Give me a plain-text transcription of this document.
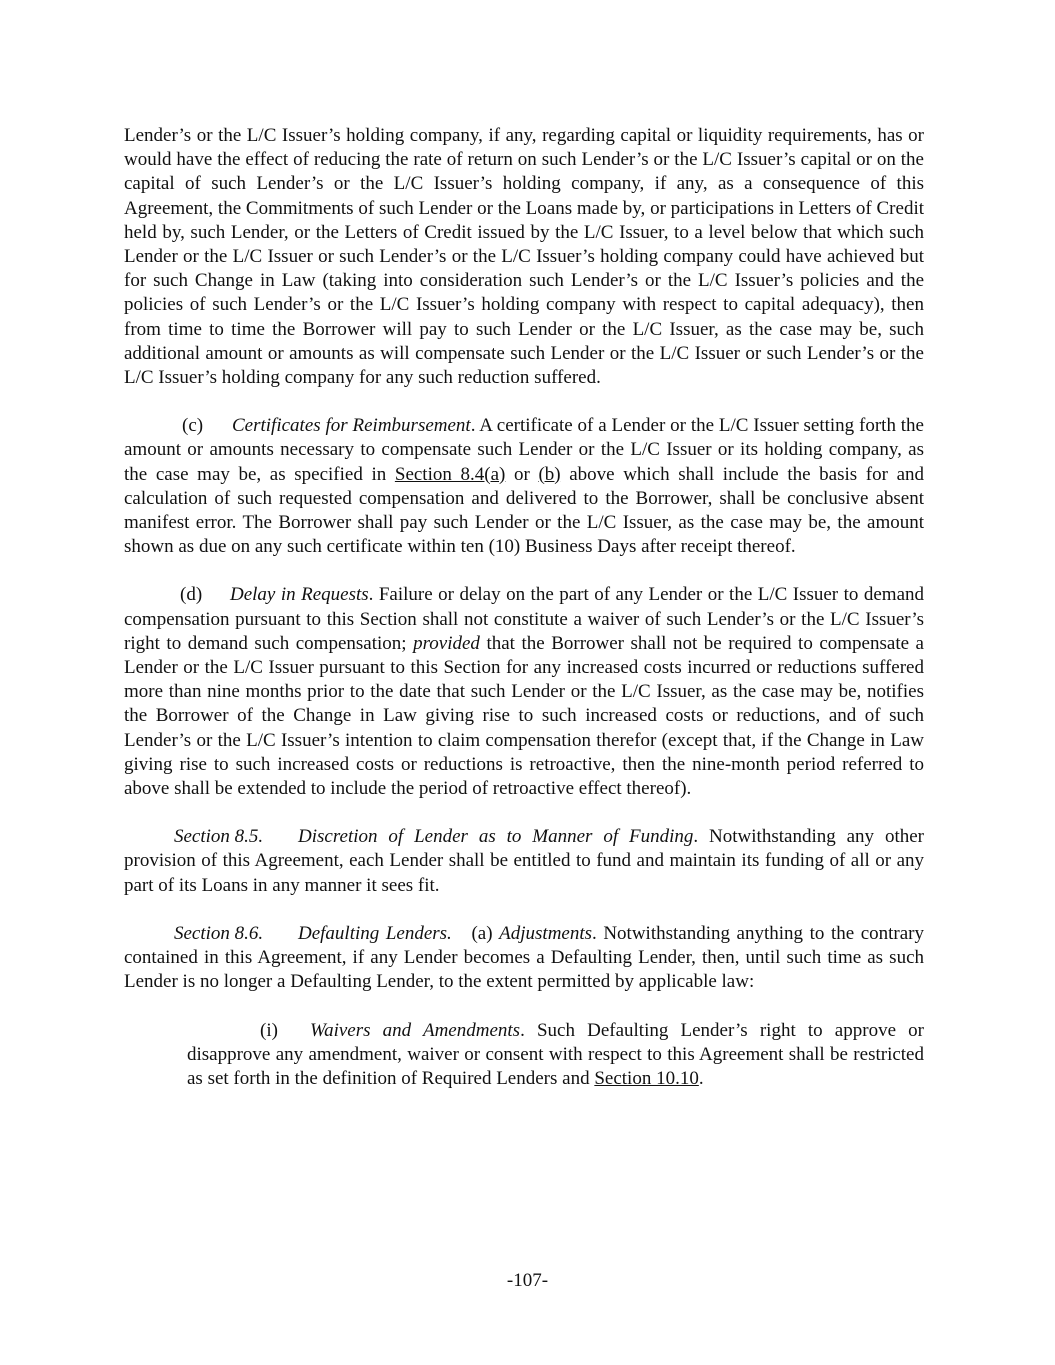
Lender’s or the L/C Issuer’s holding company, if any, regarding capital or liquidity requirements, has or would have the effect of reducing the rate of return on such Lender’s or the L/C Issuer’s capital or on the capital of such Lender’s or the L/C Issuer’s holding company, if any, as a consequence of this Agreement, the Commitments of such Lender or the Loans made by, or participations in Letters of Credit held by, such Lender, or the Letters of Credit issued by the L/C Issuer, to a level below that which such Lender or the L/C Issuer or such Lender’s or the L/C Issuer’s holding company could have achieved but for such Change in Law (taking into consideration such Lender’s or the L/C Issuer’s policies and the policies of such Lender’s or the L/C Issuer’s holding company with respect to capital adequacy), then from time to time the Borrower will pay to such Lender or the L/C Issuer, as the case may be, such additional amount or amounts as will compensate such Lender or the L/C Issuer or such Lender’s or the L/C Issuer’s holding company for any such reduction suffered.

(c) Certificates for Reimbursement. A certificate of a Lender or the L/C Issuer setting forth the amount or amounts necessary to compensate such Lender or the L/C Issuer or its holding company, as the case may be, as specified in Section 8.4(a) or (b) above which shall include the basis for and calculation of such requested compensation and delivered to the Borrower, shall be conclusive absent manifest error. The Borrower shall pay such Lender or the L/C Issuer, as the case may be, the amount shown as due on any such certificate within ten (10) Business Days after receipt thereof.

(d) Delay in Requests. Failure or delay on the part of any Lender or the L/C Issuer to demand compensation pursuant to this Section shall not constitute a waiver of such Lender’s or the L/C Issuer’s right to demand such compensation; provided that the Borrower shall not be required to compensate a Lender or the L/C Issuer pursuant to this Section for any increased costs incurred or reductions suffered more than nine months prior to the date that such Lender or the L/C Issuer, as the case may be, notifies the Borrower of the Change in Law giving rise to such increased costs or reductions, and of such Lender’s or the L/C Issuer’s intention to claim compensation therefor (except that, if the Change in Law giving rise to such increased costs or reductions is retroactive, then the nine-month period referred to above shall be extended to include the period of retroactive effect thereof).

Section 8.5. Discretion of Lender as to Manner of Funding. Notwithstanding any other provision of this Agreement, each Lender shall be entitled to fund and maintain its funding of all or any part of its Loans in any manner it sees fit.

Section 8.6. Defaulting Lenders. (a) Adjustments. Notwithstanding anything to the contrary contained in this Agreement, if any Lender becomes a Defaulting Lender, then, until such time as such Lender is no longer a Defaulting Lender, to the extent permitted by applicable law:

(i) Waivers and Amendments. Such Defaulting Lender’s right to approve or disapprove any amendment, waiver or consent with respect to this Agreement shall be restricted as set forth in the definition of Required Lenders and Section 10.10.

-107-
